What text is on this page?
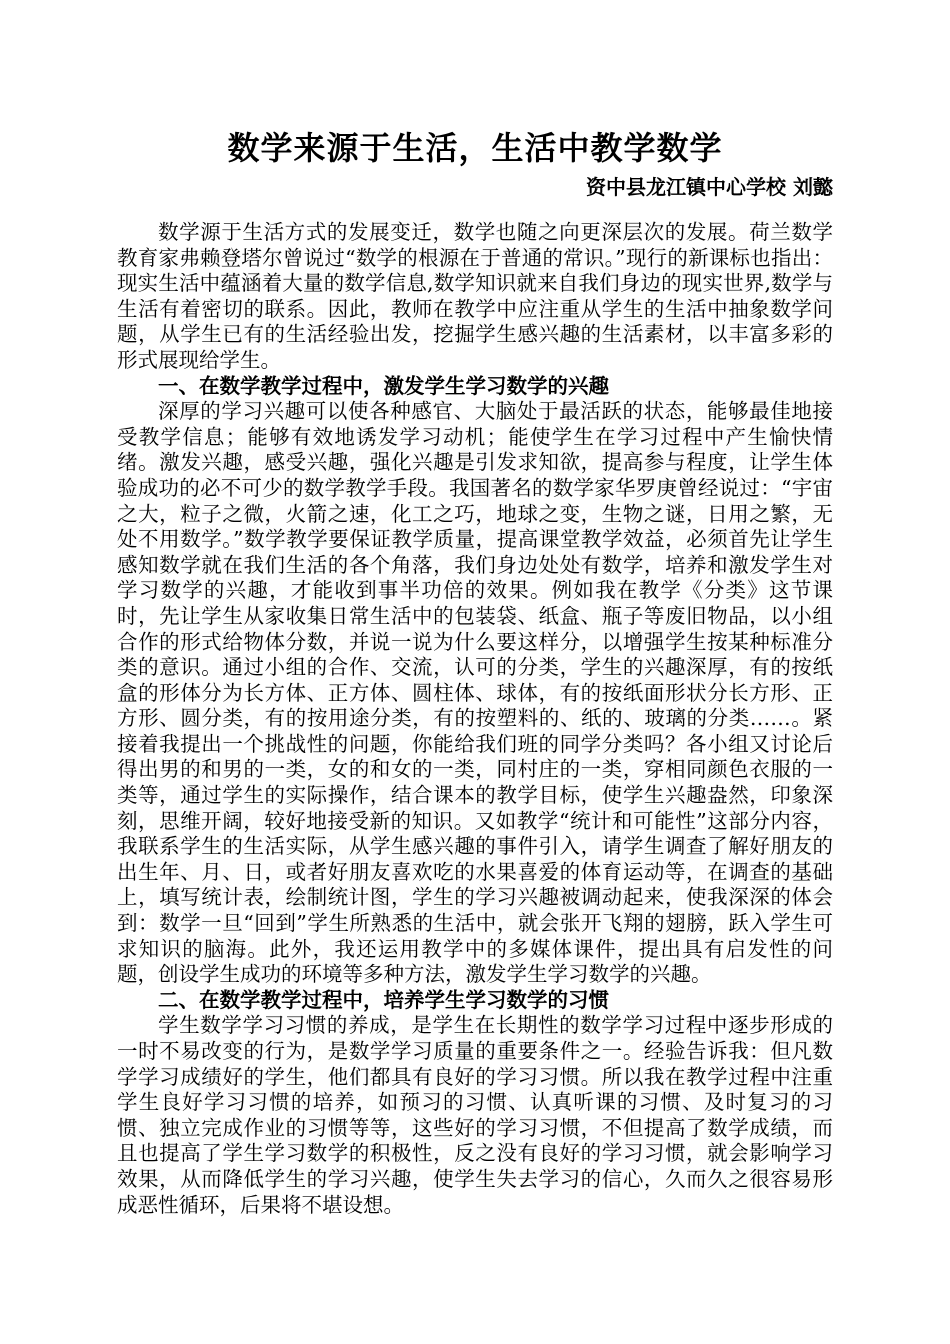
数学来源于生活，生活中教学数学
资中县龙江镇中心学校 刘懿

数学源于生活方式的发展变迁，数学也随之向更深层次的发展。荷兰数学教育家弗赖登塔尔曾说过“数学的根源在于普通的常识。”现行的新课标也指出：现实生活中蕴涵着大量的数学信息,数学知识就来自我们身边的现实世界,数学与生活有着密切的联系。因此，教师在教学中应注重从学生的生活中抽象数学问题，从学生已有的生活经验出发，挖掘学生感兴趣的生活素材，以丰富多彩的形式展现给学生。

一、在数学教学过程中，激发学生学习数学的兴趣

深厚的学习兴趣可以使各种感官、大脑处于最活跃的状态，能够最佳地接受教学信息；能够有效地诱发学习动机；能使学生在学习过程中产生愉快情绪。激发兴趣，感受兴趣，强化兴趣是引发求知欲，提高参与程度，让学生体验成功的必不可少的数学教学手段。我国著名的数学家华罗庚曾经说过：“宇宙之大，粒子之微，火箭之速，化工之巧，地球之变，生物之谜，日用之繁，无处不用数学。”数学教学要保证教学质量，提高课堂教学效益，必须首先让学生感知数学就在我们生活的各个角落，我们身边处处有数学，培养和激发学生对学习数学的兴趣，才能收到事半功倍的效果。例如我在教学《分类》这节课时，先让学生从家收集日常生活中的包装袋、纸盒、瓶子等废旧物品，以小组合作的形式给物体分数，并说一说为什么要这样分，以增强学生按某种标准分类的意识。通过小组的合作、交流，认可的分类，学生的兴趣深厚，有的按纸盒的形体分为长方体、正方体、圆柱体、球体，有的按纸面形状分长方形、正方形、圆分类，有的按用途分类，有的按塑料的、纸的、玻璃的分类……。紧接着我提出一个挑战性的问题，你能给我们班的同学分类吗？各小组又讨论后得出男的和男的一类，女的和女的一类，同村庄的一类，穿相同颜色衣服的一类等，通过学生的实际操作，结合课本的教学目标，使学生兴趣盎然，印象深刻，思维开阔，较好地接受新的知识。又如教学“统计和可能性”这部分内容，我联系学生的生活实际，从学生感兴趣的事件引入，请学生调查了解好朋友的出生年、月、日，或者好朋友喜欢吃的水果喜爱的体育运动等，在调查的基础上，填写统计表，绘制统计图，学生的学习兴趣被调动起来，使我深深的体会到：数学一旦“回到”学生所熟悉的生活中，就会张开飞翔的翅膀，跃入学生可求知识的脑海。此外，我还运用教学中的多媒体课件，提出具有启发性的问题，创设学生成功的环境等多种方法，激发学生学习数学的兴趣。

二、在数学教学过程中，培养学生学习数学的习惯

学生数学学习习惯的养成，是学生在长期性的数学学习过程中逐步形成的一时不易改变的行为，是数学学习质量的重要条件之一。经验告诉我：但凡数学学习成绩好的学生，他们都具有良好的学习习惯。所以我在教学过程中注重学生良好学习习惯的培养，如预习的习惯、认真听课的习惯、及时复习的习惯、独立完成作业的习惯等等，这些好的学习习惯，不但提高了数学成绩，而且也提高了学生学习数学的积极性，反之没有良好的学习习惯，就会影响学习效果，从而降低学生的学习兴趣，使学生失去学习的信心，久而久之很容易形成恶性循环，后果将不堪设想。
